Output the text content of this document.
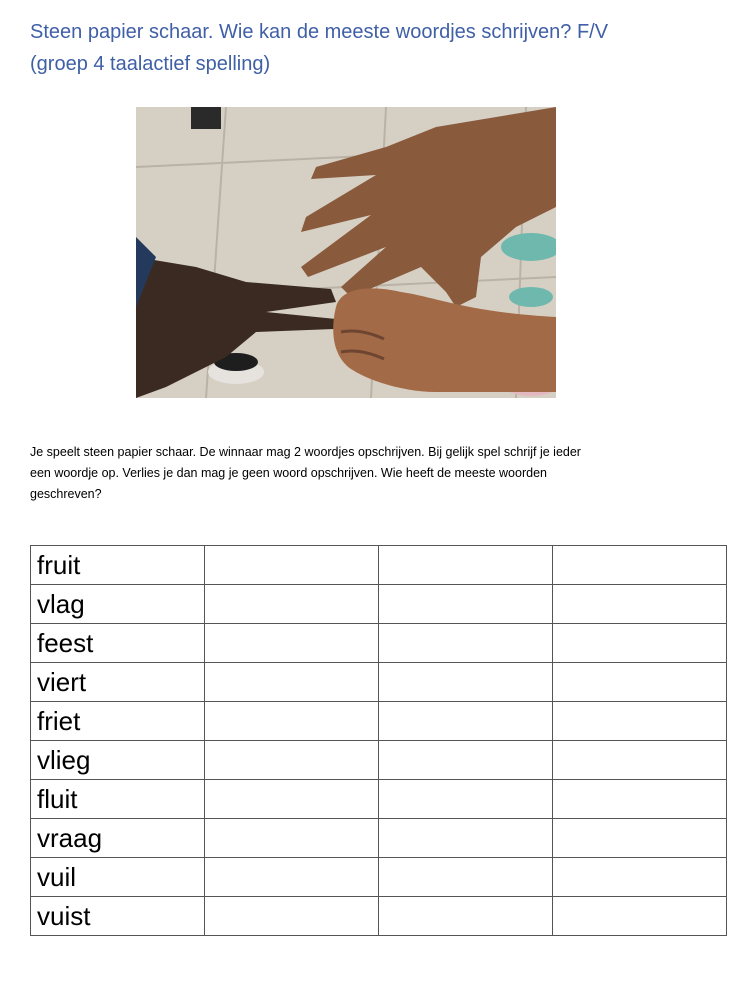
Steen papier schaar. Wie kan de meeste woordjes schrijven? F/V
(groep 4 taalactief spelling)
Je speelt steen papier schaar. De winnaar mag 2 woordjes opschrijven. Bij gelijk spel schrijf je ieder
een woordje op. Verlies je dan mag je geen woord opschrijven. Wie heeft de meeste woorden
geschreven?
fruit			
vlag			
feest			
viert			
friet			
vlieg			
fluit			
vraag			
vuil			
vuist			
